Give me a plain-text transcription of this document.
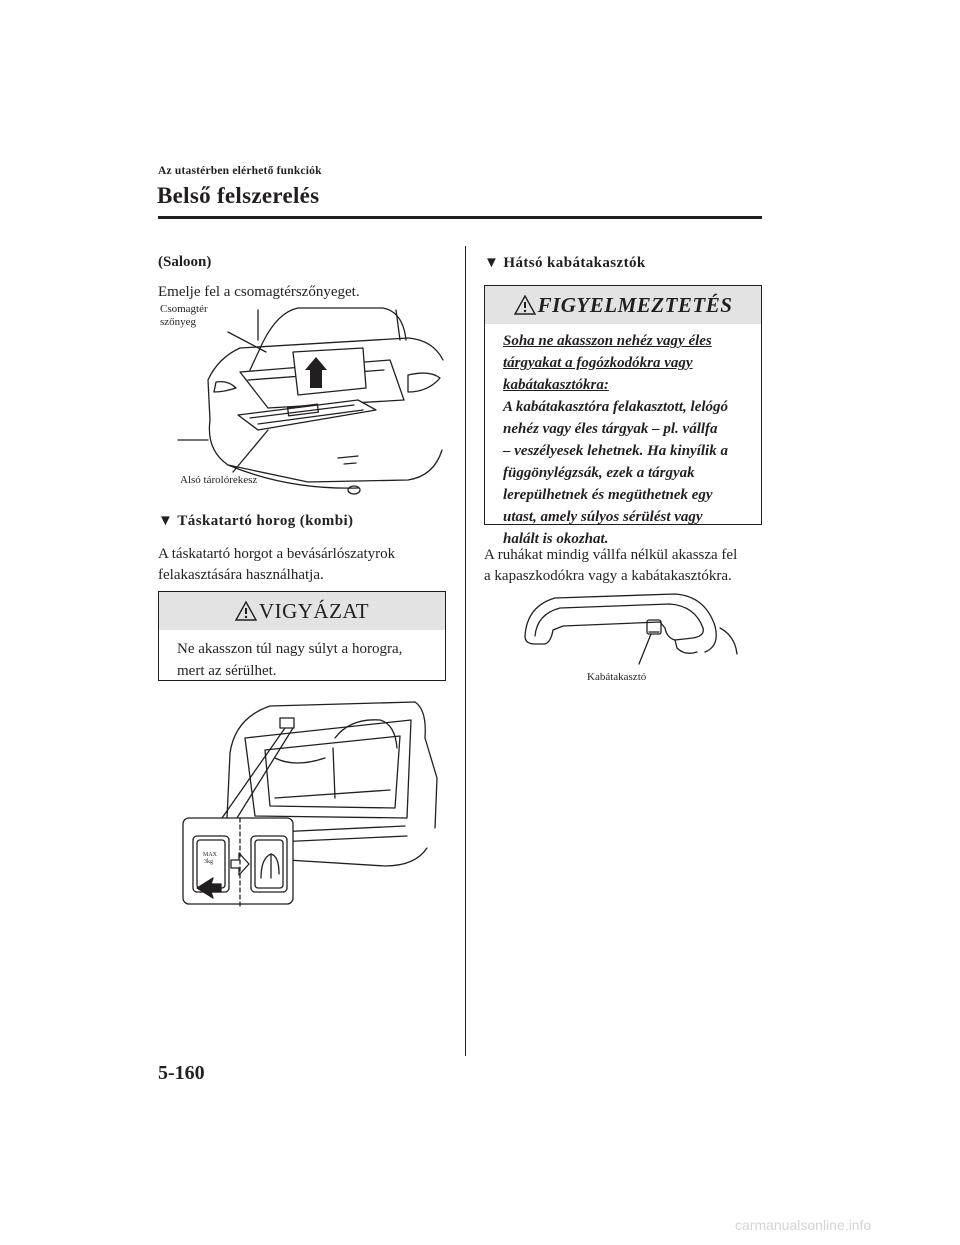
Az utastérben elérhető funkciók
Belső felszerelés
(Saloon)
Emelje fel a csomagtérszőnyeget.
Csomagtér
szőnyeg
Alsó tárolórekesz
▼ Táskatartó horog (kombi)
A táskatartó horgot a bevásárlószatyrok
felakasztására használhatja.
VIGYÁZAT
Ne akasszon túl nagy súlyt a horogra,
mert az sérülhet.
MAX
3kg
▼ Hátsó kabátakasztók
FIGYELMEZTETÉS
Soha ne akasszon nehéz vagy éles
tárgyakat a fogózkodókra vagy
kabátakasztókra:
A kabátakasztóra felakasztott, lelógó
nehéz vagy éles tárgyak – pl. vállfa
– veszélyesek lehetnek. Ha kinyílik a
függönylégzsák, ezek a tárgyak
lerepülhetnek és megüthetnek egy
utast, amely súlyos sérülést vagy
halált is okozhat.
A ruhákat mindig vállfa nélkül akassza fel
a kapaszkodókra vagy a kabátakasztókra.
Kabátakasztó
5-160
carmanualsonline.info
